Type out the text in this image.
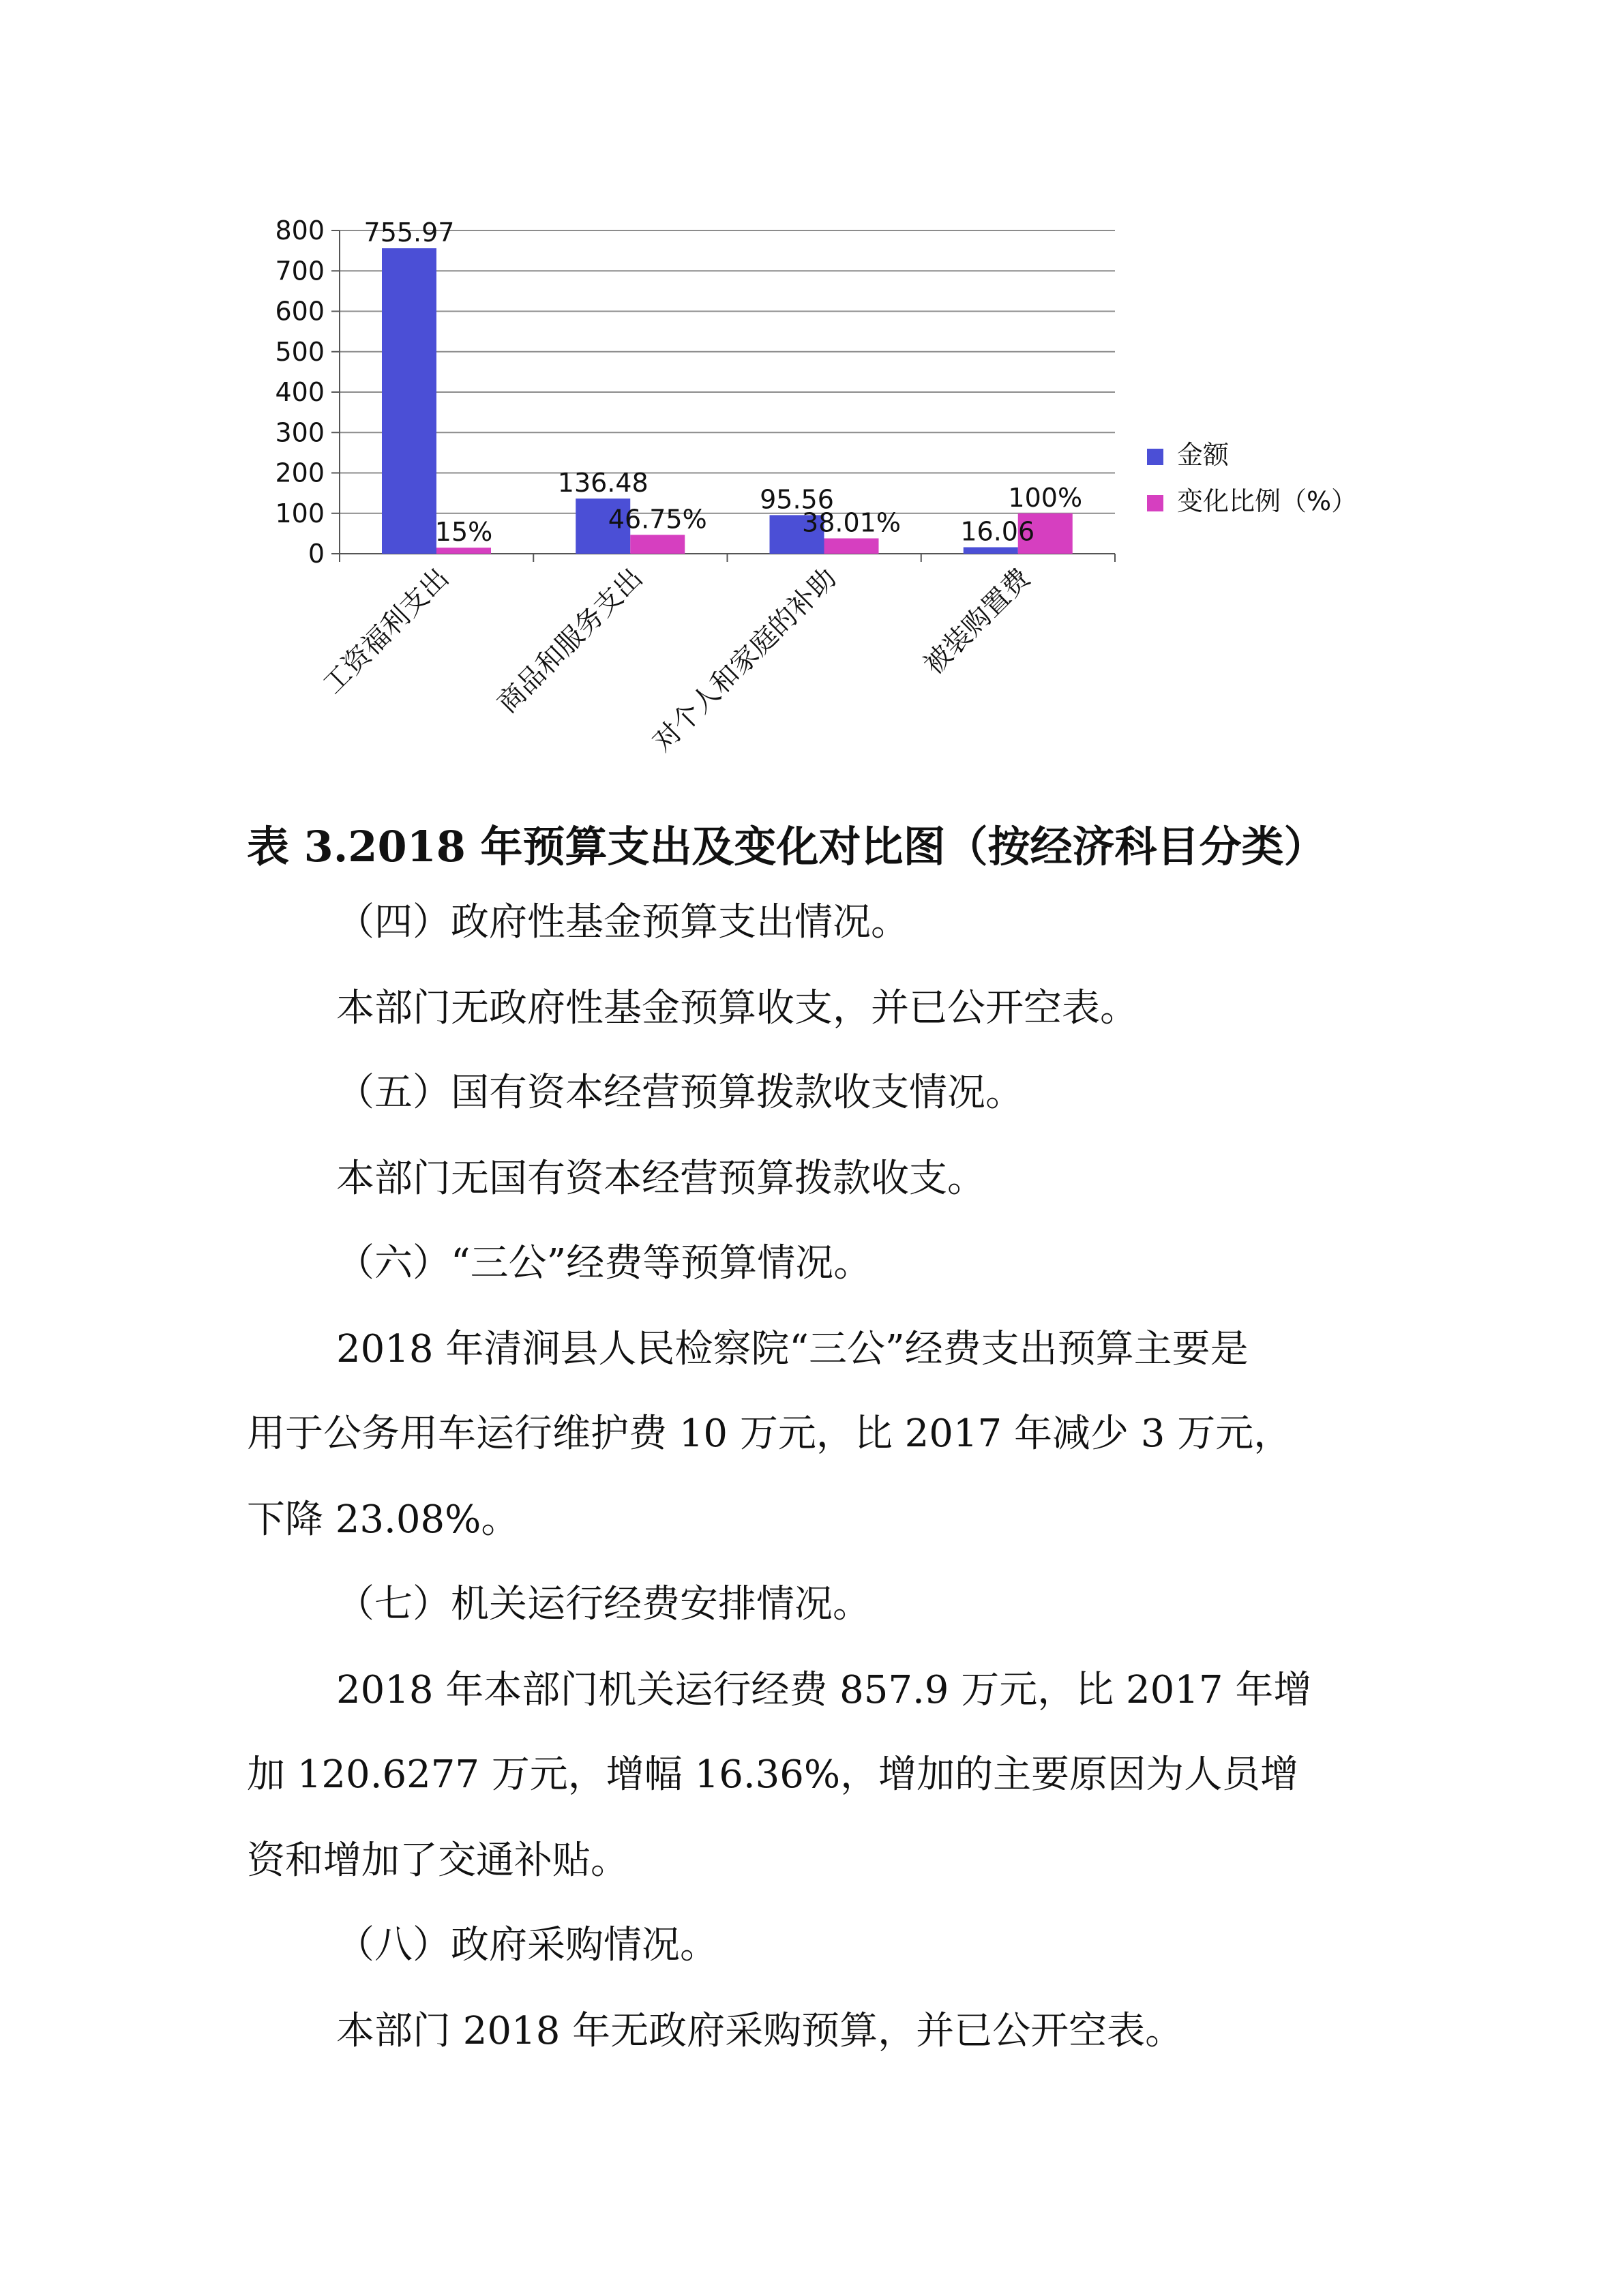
0
100
200
300
400
500
600
700
800 755.97
15%
136.48
46.75%
95.56
38.01% 16.06
100%
工资福利支出 商品和服务支出
对个人和家庭的补助	被装购置费
金额
变化比例（%）
表 3.2018 年预算支出及变化对比图（按经济科目分类）

（四）政府性基金预算支出情况。

本部门无政府性基金预算收支，并已公开空表。

（五）国有资本经营预算拨款收支情况。

本部门无国有资本经营预算拨款收支。

（六）“三公”经费等预算情况。

2018 年清涧县人民检察院“三公”经费支出预算主要是

用于公务用车运行维护费 10 万元，比 2017 年减少 3 万元，

下降 23.08%。

（七）机关运行经费安排情况。

2018 年本部门机关运行经费 857.9 万元，比 2017 年增

加 120.6277 万元，增幅 16.36%，增加的主要原因为人员增

资和增加了交通补贴。

（八）政府采购情况。

本部门 2018 年无政府采购预算，并已公开空表。
